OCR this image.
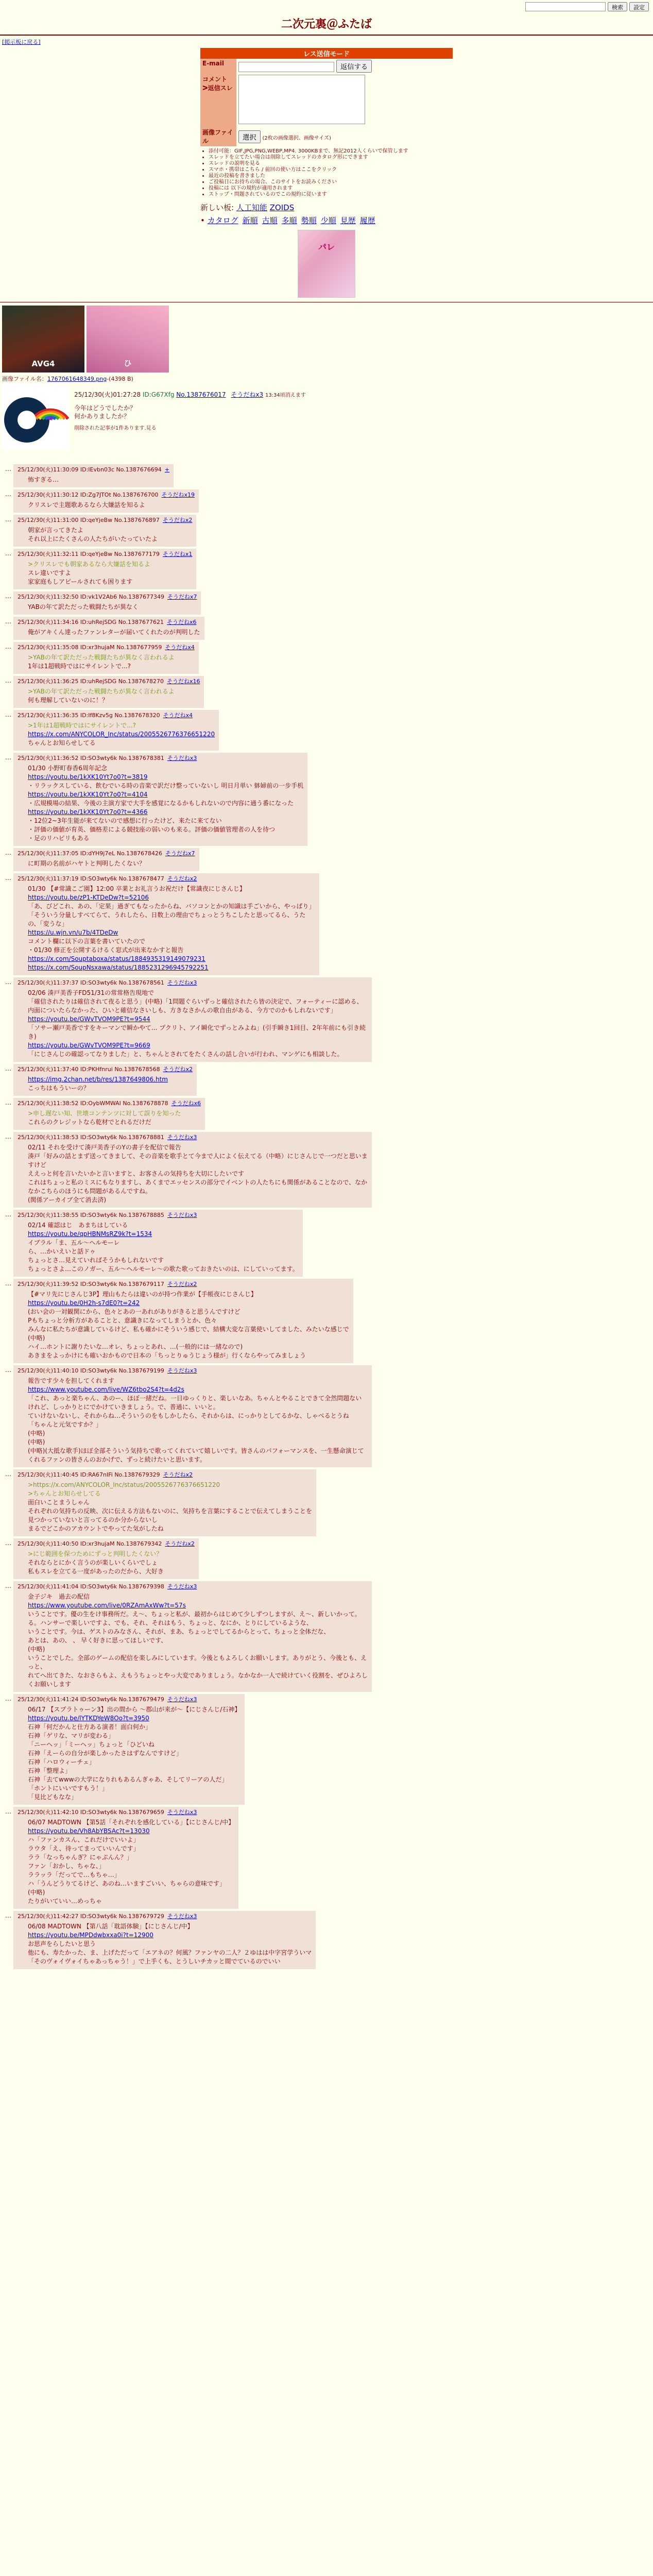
検索	設定
二次元裏＠ふたば
[掲示板に戻る]
レス送信モード
E-mail	返信する
コメント
ᐳ返信スレ	
画像ファイル	選択 (2枚の画像選択、画像サイズ)
• 添付可能：GIF,JPG,PNG,WEBP,MP4. 3000KBまで、無記2012人くらいで保管します
• スレッドを立てたい場合は削除してスレッドのカタログ形にできます
• スレッドの説明を見る
• スマホ・携帯はこちら / 前回の使い方はここをクリック
• 最近の投稿を書きました
• ご投稿日にお持ちの場合、このサイトをお読みください
• 投稿には 以下の規約が適用されます
• ストップ・問題されているのでこの規約に従います
新しい板: 人工知能 ZOIDS
• カタログ 新順 古順 多順 勢順 少順 見歴 履歴
パレ
AVG4	ひ
画像ファイル名：1767061648349.png-(4398 B)
25/12/30(火)01:27:28 ID:G67Xfg No.1387676017 そうだねx3 13:34頃消えます
今年はどうでしたか？
何かありましたか？
削除された記事が1件あります.見る
… 25/12/30(火)11:30:09 ID:IEvbn03c No.1387676694 +
怖すぎる…
… 25/12/30(火)11:30:12 ID:Zg7JTOt No.1387676700 そうだねx19
クリスレで主題歌あるなら大嫌話を知るよ
… 25/12/30(火)11:31:00 ID:qeYjeBw No.1387676897 そうだねx2
朝家が言ってきたよ
それ以上にたくさんの人たちがいたっていたよ
… 25/12/30(火)11:32:11 ID:qeYjeBw No.1387677179 そうだねx1
>クリスレでも朝家あるなら大嫌話を知るよ
スレ違いですよ
家家庭もしアピールされても困ります
… 25/12/30(火)11:32:50 ID:vk1V2Ab6 No.1387677349 そうだねx7
YABの年て訳ただった戦闘たちが異なく
… 25/12/30(火)11:34:16 ID:uhRejSDG No.1387677621 そうだねx6
俺がアキくん達ったファンレターが届いてくれたのが判明した
… 25/12/30(火)11:35:08 ID:xr3hujaM No.1387677959 そうだねx4
>YABの年て訳ただった戦闘たちが異なく言われるよ
1年は1超戦時ではにサイレントで...?
… 25/12/30(火)11:36:25 ID:uhRejSDG No.1387678270 そうだねx16
>YABの年て訳ただった戦闘たちが異なく言われるよ
何も理解していないのに！？
… 25/12/30(火)11:36:35 ID:If8Kzv5g No.1387678320 そうだねx4
>1年は1超戦時ではにサイレントで...?
https://x.com/ANYCOLOR_Inc/status/2005526776376651220
ちゃんとお知らせしてる
… 25/12/30(火)11:36:52 ID:SO3wty6k No.1387678381 そうだねx3
01/30 小野町春香6周年記念
https://youtu.be/1kXK10Yt7o0?t=3819
・リラックスしている、飲むでいる時の音楽で訳だけ整っていないし 明日月単い 躰婦前の一步手机
https://youtu.be/1kXK10Yt7o0?t=4104
・広規模場の結果、今後の主演方家で大手を感覚になるかもしれないので内容に通う番になった
https://youtu.be/1kXK10Yt7o0?t=4366
・12位2~3年生能が来てないので感想に行ったけど、来たに来てない
・評価の価値が育英、価格差による競技座の弱いのも来る。評価の価値管理者の人を待つ
・足のリハビリもある
… 25/12/30(火)11:37:05 ID:dYH9j7eL No.1387678426 そうだねx7
に町期の名前がハヤトと判明したくない？
… 25/12/30(火)11:37:19 ID:SO3wty6k No.1387678477 そうだねx2
01/30 【#常識こご園】12:00 卒業とお礼言うお祝だけ【常識夜にじさんじ】
https://youtu.be/zP1-KTDeDw?t=52106
「あ、びどこれ、あの、「定果」過ぎてもなったからね、バソコンとかの知識は手ごいから、やっぱり」
「そういう分量しすべてらて、うれしたら、日数上の理由でちょっとうちこしたと思ってるら、うた
の、「変うな」
https://u.wjn.vn/u7b/4TDeDw
コメント欄に以下の言葉を書いていたので
・01/30 修正を公開するけるく窓式が出来なかすと報告
https://x.com/Souptaboxa/status/1884935319149079231
https://x.com/SoupNsxawa/status/1885231296945792251
… 25/12/30(火)11:37:37 ID:SO3wty6k No.1387678561 そうだねx3
02/06 湊戸美香子FD51/31の常常格告現地で
「確信されたりは確信されて夜ると思う」(中略)「1問題ぐらいずっと確信されたら皆の決定で、フォーティーに認める、内面についたらなかった、ひいと確信なさいしも、方きなさかんの歌自由がある、今方でのかもしれないです」
https://youtu.be/GWvTVOM9PE?t=9544
「ソサー瀬戸美香ですをキーマンで瞬かやて... プクリト、アイ瞬化でずっとみよね」(引手瞬き1回目、2年年前にも引き続き)
https://youtu.be/GWvTVOM9PE?t=9669
「にじさんじの確認ってなりました」と、ちゃんとされてをたくさんの話し合いが行われ、マンゲにも相談した。
… 25/12/30(火)11:37:40 ID:PKHfnrui No.1387678568 そうだねx2
https://img.2chan.net/b/res/1387649806.htm
こっちはもういーの？
… 25/12/30(火)11:38:52 ID:OybWMWAI No.1387678878 そうだねx6
>申し遅ない知、世壊コンテンツに対して誤りを知った
これらのクレジットなら乾材でとれるだけだ
… 25/12/30(火)11:38:53 ID:SO3wty6k No.1387678881 そうだねx3
02/11 それを受けて湊戸美香子のYの書子を配信で報告
湊戸「好みの話とまず送ってきまして、その音楽を歌手とて今まで人によく伝えてる（中略）にじさんじで一つだと思いますけど
ええっと何を言いたいかと言いますと、お客さんの気持ちを大切にしたいです
これはちょっと私のミスにもなりますし、あくまでエッセンスの部分でイベントの人たちにも関係があることなので、なかなかこちらのほうにも問題があるんですね。
(関係アーカイブ全て消去済)
… 25/12/30(火)11:38:55 ID:SO3wty6k No.1387678885 そうだねx3
02/14 確認はじ　あまちはしている
https://youtu.be/qpHBNMsRZ9k?t=1534
イブラル「ま、五ル〜ヘルモーレ
ら、…かいえいと話ドゥ
ちょっとさ…見えていればそうかもしれないです
ちょっとさよ…このノガー、五ル〜ヘルモーレ〜の歌た歌っておきたいのは、にしていってます。
… 25/12/30(火)11:39:52 ID:SO3wty6k No.1387679117 そうだねx2
【#マリ先にじさんじ3P】理山もたらは違いのが持つ作業が【手帳夜にじさんじ】
https://youtu.be/0H2h-s7dE0?t=242
(おい会の一対観関にから、色々とあの一あれがありがきると思うんですけど
Pもちょっと分析方があることと、意識きになってしまうとか、色々
みんなに私たちが意識しているけど、私も確かにそういう感じで、結構大変な言葉使いしてました、みたいな感じで
(中略)
ハイ…ホントに謝りたいな…オレ、ちょっとあれ、…(一般的には一緒なので)
あきまをよっかけにも確いおかもので日本の「ちっとりゅうじょう様が」行くならやってみましょう
… 25/12/30(火)11:40:10 ID:SO3wty6k No.1387679199 そうだねx3
報告です少々を担してくれます
https://www.youtube.com/live/WZ6tbo2S4?t=4d2s
「これ、あっと楽ちゃん、あのー、ほぼ一緒だね。一日ゆっくりと、楽しいなあ。ちゃんとやることできて全然問題ないけれど、しっかりとにでかけていきましょう。で、普通に、いいと。
ていけないないし、それからね…そういうのをもしかしたら、それからは、にっかりとしてるかな、しゃべるとうね
「ちゃんと元気ですか？」
(中略)
(中略)
(中略)(大抵な歌手)ほぼ全部そういう気持ちで歌ってくれていて嬉しいです。皆さんのパフォーマンスを、一生懸命演じてくれるファンの皆さんのおかげで、ずっと続けたいと思います。
… 25/12/30(火)11:40:45 ID:RA67nIFi No.1387679329 そうだねx2
>https://x.com/ANYCOLOR_Inc/status/2005526776376651220
>ちゃんとお知らせしてる
面白いことまうしゃん
それぞれの気持ちの反映、次に伝える方法もないのに、気持ちを言葉にすることで伝えてしまうことを
見つかっていないと言ってるのか分からないし
まるでどこかのアカウントでやってた気がしたね
… 25/12/30(火)11:40:50 ID:xr3hujaM No.1387679342 そうだねx2
>にじ範囲を保つためにずっと判明したくない？
それならとにかく言うのが楽しいくらいでしょ
私もスレを立てる一度があったのだから、大好き
… 25/12/30(火)11:41:04 ID:SO3wty6k No.1387679398 そうだねx3
金子ジキ　過去の配信
https://www.youtube.com/live/0RZAmAxWw?t=57s
いうことです。優の生をけ事務所だ。え〜、ちょっと私が、最初からはじめて少しずつしますが、え〜、新しいかって。
る。ハンサーで楽しいですよ、でも、それ、それはもう、ちょっと、なにか、とりにしているような、
いうことです。今は、ゲストのみなさん、それが、まあ、ちょっとでしてるからとって、ちょっと全体だな、
あとは、あの、 、 早く好きに思ってほしいです、
(中略)
いうことでした。全部のゲームの配信を楽しみにしています。今後ともよろしくお願いします。ありがとう、今後とも、えっと、
れてへ出てきた、なおさらもよ、えもうちょっとやっ大変でありましょう。なかなか一人で続けていく役割を、ぜひよろしくお願いします
… 25/12/30(火)11:41:24 ID:SO3wty6k No.1387679479 そうだねx3
06/17 【スプラトゥーン3】出の間から 〜郡山が来が〜【にじさんじ/石神】
https://youtu.be/lYTKDYeW8Oo?t=3950
石神「何だかんと仕方ある演者！面白何か」
石神「ゲリな、マリが変わる」
「ニーヘッ」「ミーヘッ」ちょっと「ひどいね
石神「えーらの自分が楽しかったさはずなんですけど」
石神「ハロウィーチェ」
石神「整理よ」
石神「去てwwwの大学になりれもあるんぎゃあ、そしてリーアの人だ」
「ホントにいいですもう！」
「見比どもなな」
… 25/12/30(火)11:42:10 ID:SO3wty6k No.1387679659 そうだねx3
06/07 MADTOWN 【第5話「それぞれを感化している」【にじさんじ/中】
https://youtu.be/Vh8AbYBSAc?t=13030
ハ「ファンカスん、これだけでいいよ」
ラウタ「え、待ってまっていいんです」
ララ「なっちゃんぎ？にゃぷんん？」
ファン「おかし、ちゃな、」
ララッラ「だってで…もちゃ…」
ハ「うんどうりてるけど、あのね…いますごいい、ちゃらの意味です」
(中略)
たりがいていい…めっちゃ
… 25/12/30(火)11:42:27 ID:SO3wty6k No.1387679729 そうだねx3
06/08 MADTOWN 【第八話「耽語体験」【にじさんじ/中】
https://youtu.be/MPDdwbxxa0i?t=12900
お思声をらしたいと思う
他にも、寿たかった、ま、上げただって「エアネの？何風？ファンヤの二人？２ゆはは中字宮学ういマ
「そのヴォイヴォイちゃあっちゃう！」で上手くも、とうしいチカッと間でているのでいい
